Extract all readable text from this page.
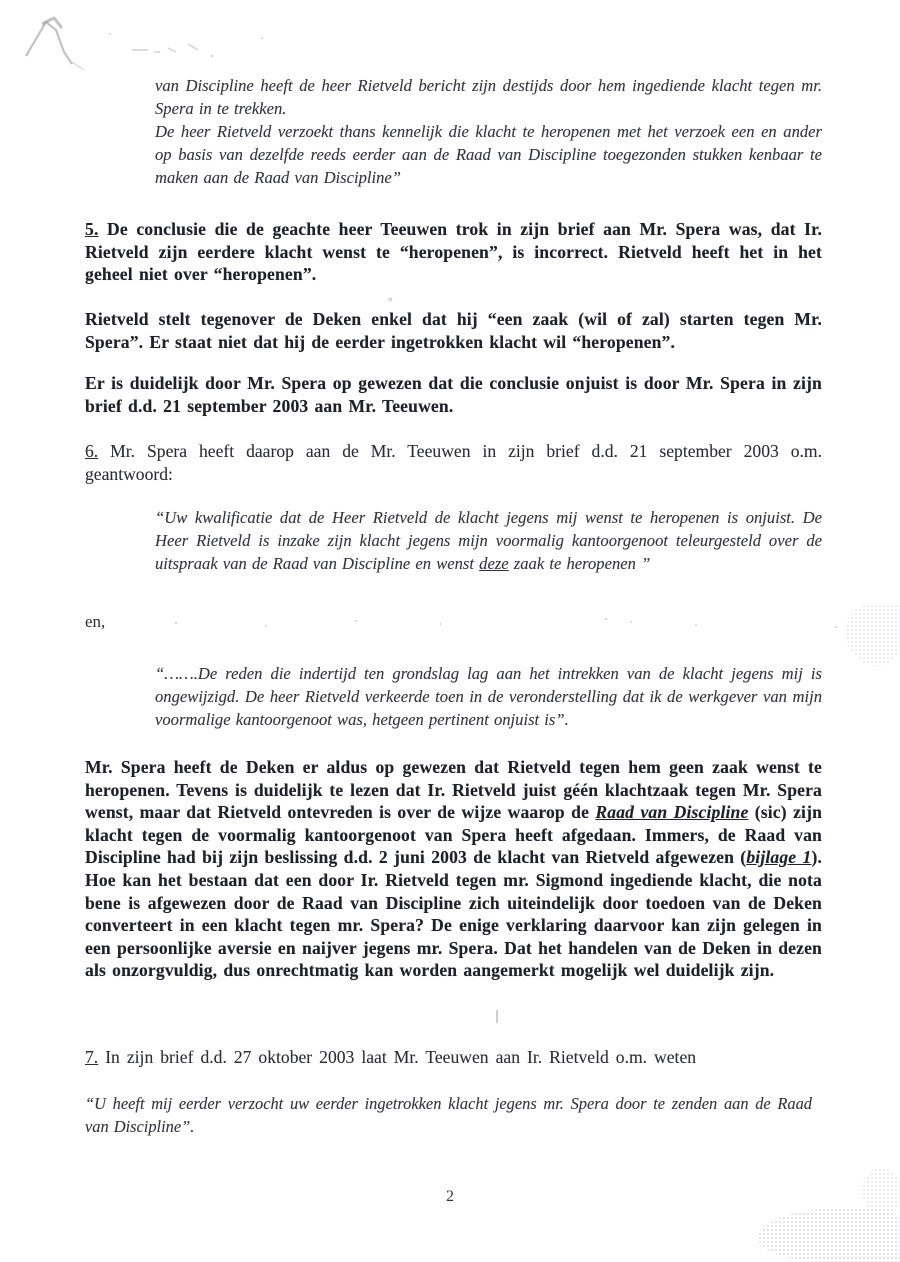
⁎

van Discipline heeft de heer Rietveld bericht zijn destijds door hem ingediende klacht tegen mr. Spera in te trekken.
De heer Rietveld verzoekt thans kennelijk die klacht te heropenen met het verzoek een en ander op basis van dezelfde reeds eerder aan de Raad van Discipline toegezonden stukken kenbaar te maken aan de Raad van Discipline”

5. De conclusie die de geachte heer Teeuwen trok in zijn brief aan Mr. Spera was, dat Ir. Rietveld zijn eerdere klacht wenst te “heropenen”, is incorrect. Rietveld heeft het in het geheel niet over “heropenen”.

Rietveld stelt tegenover de Deken enkel dat hij “een zaak (wil of zal) starten tegen Mr. Spera”. Er staat niet dat hij de eerder ingetrokken klacht wil “heropenen”.

Er is duidelijk door Mr. Spera op gewezen dat die conclusie onjuist is door Mr. Spera in zijn brief d.d. 21 september 2003 aan Mr. Teeuwen.

6. Mr. Spera heeft daarop aan de Mr. Teeuwen in zijn brief d.d. 21 september 2003 o.m. geantwoord:

“Uw kwalificatie dat de Heer Rietveld de klacht jegens mij wenst te heropenen is onjuist. De Heer Rietveld is inzake zijn klacht jegens mijn voormalig kantoorgenoot teleurgesteld over de uitspraak van de Raad van Discipline en wenst deze zaak te heropenen ”

en,

“…….De reden die indertijd ten grondslag lag aan het intrekken van de klacht jegens mij is ongewijzigd. De heer Rietveld verkeerde toen in de veronderstelling dat ik de werkgever van mijn voormalige kantoorgenoot was, hetgeen pertinent onjuist is”.

Mr. Spera heeft de Deken er aldus op gewezen dat Rietveld tegen hem geen zaak wenst te heropenen. Tevens is duidelijk te lezen dat Ir. Rietveld juist géén klachtzaak tegen Mr. Spera wenst, maar dat Rietveld ontevreden is over de wijze waarop de Raad van Discipline (sic) zijn klacht tegen de voormalig kantoorgenoot van Spera heeft afgedaan. Immers, de Raad van Discipline had bij zijn beslissing d.d. 2 juni 2003 de klacht van Rietveld afgewezen (bijlage 1). Hoe kan het bestaan dat een door Ir. Rietveld tegen mr. Sigmond ingediende klacht, die nota bene is afgewezen door de Raad van Discipline zich uiteindelijk door toedoen van de Deken converteert in een klacht tegen mr. Spera? De enige verklaring daarvoor kan zijn gelegen in een persoonlijke aversie en naijver jegens mr. Spera. Dat het handelen van de Deken in dezen als onzorgvuldig, dus onrechtmatig kan worden aangemerkt mogelijk wel duidelijk zijn.

7. In zijn brief d.d. 27 oktober 2003 laat Mr. Teeuwen aan Ir. Rietveld o.m. weten

“U heeft mij eerder verzocht uw eerder ingetrokken klacht jegens mr. Spera door te zenden aan de Raad van Discipline”.

2
